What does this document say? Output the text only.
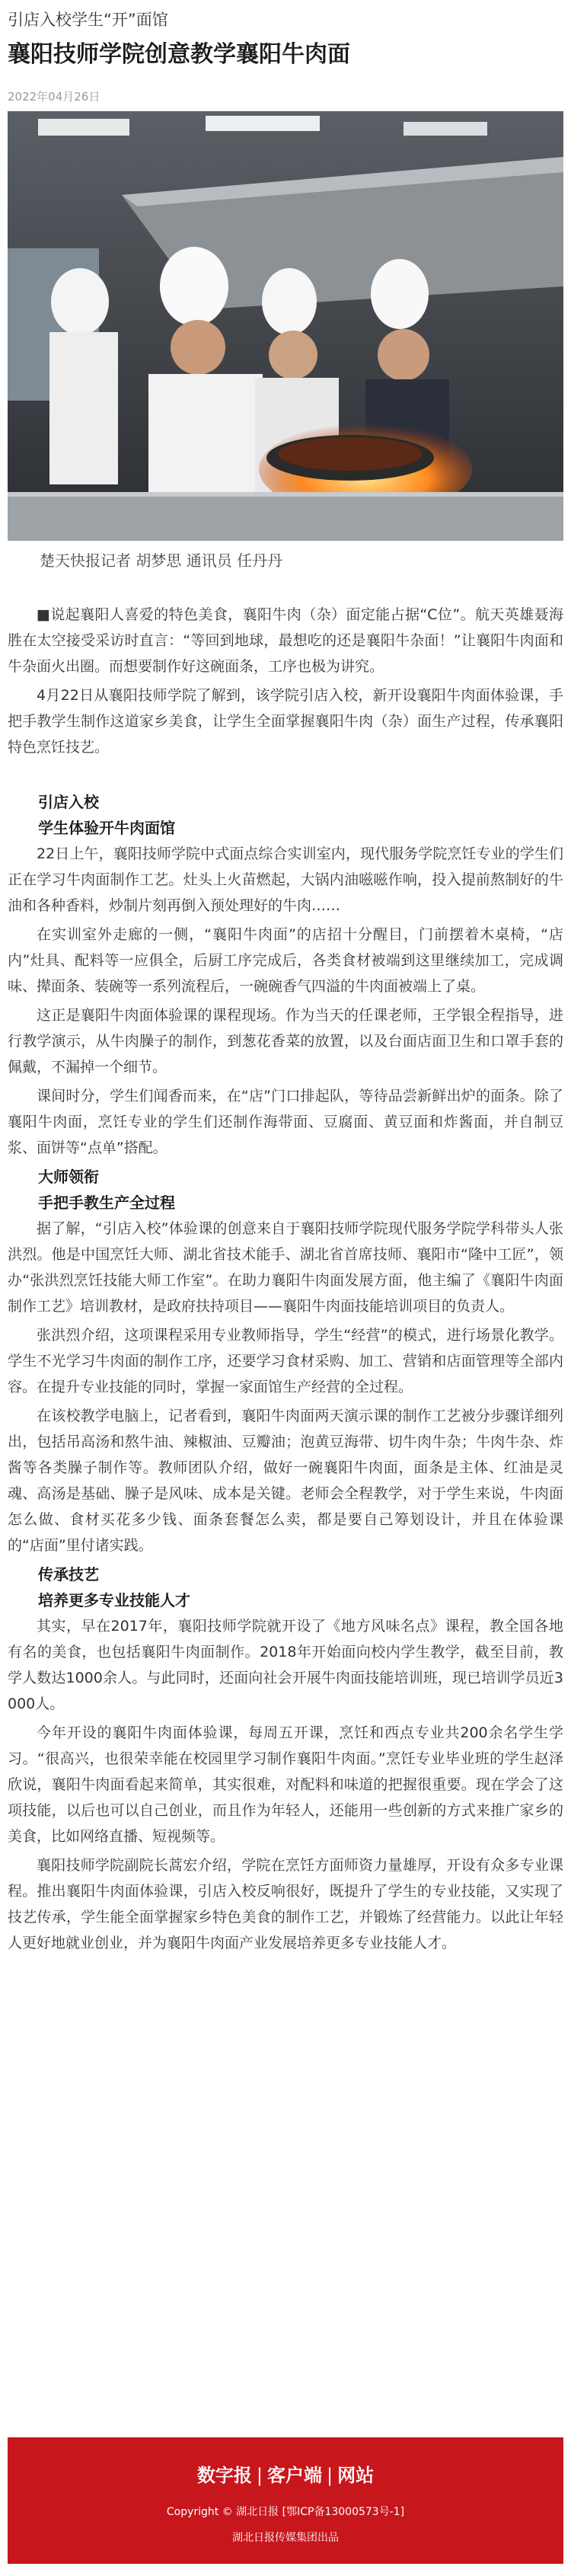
引店入校学生“开”面馆
襄阳技师学院创意教学襄阳牛肉面
2022年04月26日
楚天快报记者 胡梦思 通讯员 任丹丹

■说起襄阳人喜爱的特色美食，襄阳牛肉（杂）面定能占据“C位”。航天英雄聂海胜在太空接受采访时直言：“等回到地球，最想吃的还是襄阳牛杂面！”让襄阳牛肉面和牛杂面火出圈。而想要制作好这碗面条，工序也极为讲究。

4月22日从襄阳技师学院了解到，该学院引店入校，新开设襄阳牛肉面体验课，手把手教学生制作这道家乡美食，让学生全面掌握襄阳牛肉（杂）面生产过程，传承襄阳特色烹饪技艺。

引店入校
学生体验开牛肉面馆

22日上午，襄阳技师学院中式面点综合实训室内，现代服务学院烹饪专业的学生们正在学习牛肉面制作工艺。灶头上火苗燃起，大锅内油嗞嗞作响，投入提前熬制好的牛油和各种香料，炒制片刻再倒入预处理好的牛肉……

在实训室外走廊的一侧，“襄阳牛肉面”的店招十分醒目，门前摆着木桌椅，“店内”灶具、配料等一应俱全，后厨工序完成后，各类食材被端到这里继续加工，完成调味、撵面条、装碗等一系列流程后，一碗碗香气四溢的牛肉面被端上了桌。

这正是襄阳牛肉面体验课的课程现场。作为当天的任课老师，王学银全程指导，进行教学演示，从牛肉臊子的制作，到葱花香菜的放置，以及台面店面卫生和口罩手套的佩戴，不漏掉一个细节。

课间时分，学生们闻香而来，在“店”门口排起队，等待品尝新鲜出炉的面条。除了襄阳牛肉面，烹饪专业的学生们还制作海带面、豆腐面、黄豆面和炸酱面，并自制豆浆、面饼等“点单”搭配。

大师领衔
手把手教生产全过程

据了解，“引店入校”体验课的创意来自于襄阳技师学院现代服务学院学科带头人张洪烈。他是中国烹饪大师、湖北省技术能手、湖北省首席技师、襄阳市“隆中工匠”，领办“张洪烈烹饪技能大师工作室”。在助力襄阳牛肉面发展方面，他主编了《襄阳牛肉面制作工艺》培训教材，是政府扶持项目——襄阳牛肉面技能培训项目的负责人。

张洪烈介绍，这项课程采用专业教师指导，学生“经营”的模式，进行场景化教学。学生不光学习牛肉面的制作工序，还要学习食材采购、加工、营销和店面管理等全部内容。在提升专业技能的同时，掌握一家面馆生产经营的全过程。

在该校教学电脑上，记者看到，襄阳牛肉面两天演示课的制作工艺被分步骤详细列出，包括吊高汤和熬牛油、辣椒油、豆瓣油；泡黄豆海带、切牛肉牛杂；牛肉牛杂、炸酱等各类臊子制作等。教师团队介绍，做好一碗襄阳牛肉面，面条是主体、红油是灵魂、高汤是基础、臊子是风味、成本是关键。老师会全程教学，对于学生来说，牛肉面怎么做、食材买花多少钱、面条套餐怎么卖，都是要自己筹划设计，并且在体验课的“店面”里付诸实践。

传承技艺
培养更多专业技能人才

其实，早在2017年，襄阳技师学院就开设了《地方风味名点》课程，教全国各地有名的美食，也包括襄阳牛肉面制作。2018年开始面向校内学生教学，截至目前，教学人数达1000余人。与此同时，还面向社会开展牛肉面技能培训班，现已培训学员近3000人。

今年开设的襄阳牛肉面体验课，每周五开课，烹饪和西点专业共200余名学生学习。“很高兴，也很荣幸能在校园里学习制作襄阳牛肉面。”烹饪专业毕业班的学生赵泽欣说，襄阳牛肉面看起来简单，其实很难，对配料和味道的把握很重要。现在学会了这项技能，以后也可以自己创业，而且作为年轻人，还能用一些创新的方式来推广家乡的美食，比如网络直播、短视频等。

襄阳技师学院副院长蒿宏介绍，学院在烹饪方面师资力量雄厚，开设有众多专业课程。推出襄阳牛肉面体验课，引店入校反响很好，既提升了学生的专业技能，又实现了技艺传承，学生能全面掌握家乡特色美食的制作工艺，并锻炼了经营能力。以此让年轻人更好地就业创业，并为襄阳牛肉面产业发展培养更多专业技能人才。

数字报 | 客户端 | 网站
Copyright © 湖北日报 [鄂ICP备13000573号-1]
湖北日报传媒集团出品
